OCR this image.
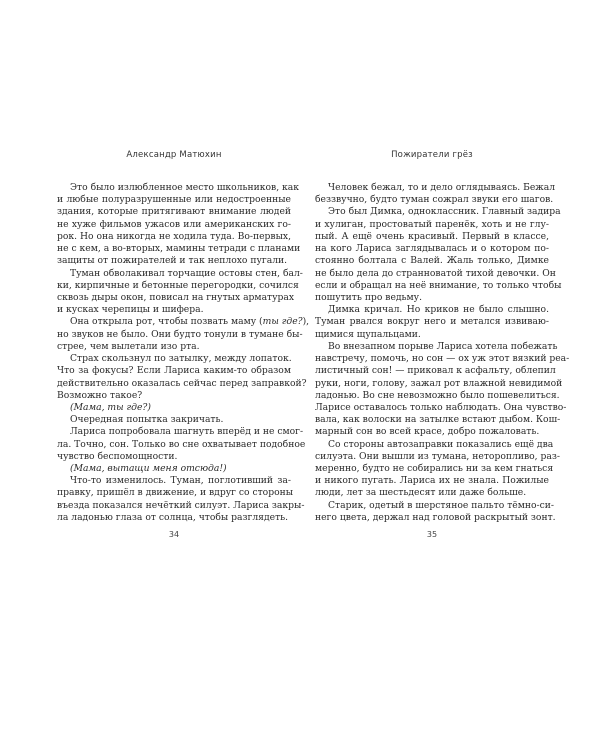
Александр Матюхин
Это было излюбленное место школьников, как
и любые полуразрушенные или недостроенные
здания, которые притягивают внимание людей
не хуже фильмов ужасов или американских го-
рок. Но она никогда не ходила туда. Во-первых,
не с кем, а во-вторых, мамины тетради с планами
защиты от пожирателей и так неплохо пугали.
Туман обволакивал торчащие остовы стен, бал-
ки, кирпичные и бетонные перегородки, сочился
сквозь дыры окон, повисал на гнутых арматурах
и кусках черепицы и шифера.
Она открыла рот, чтобы позвать маму (ты где?),
но звуков не было. Они будто тонули в тумане бы-
стрее, чем вылетали изо рта.
Страх скользнул по затылку, между лопаток.
Что за фокусы? Если Лариса каким-то образом
действительно оказалась сейчас перед заправкой?
Возможно такое?
(Мама, ты где?)
Очередная попытка закричать.
Лариса попробовала шагнуть вперёд и не смог-
ла. Точно, сон. Только во сне охватывает подобное
чувство беспомощности.
(Мама, вытащи меня отсюда!)
Что-то изменилось. Туман, поглотивший за-
правку, пришёл в движение, и вдруг со стороны
въезда показался нечёткий силуэт. Лариса закры-
ла ладонью глаза от солнца, чтобы разглядеть.
34
Пожиратели грёз
Человек бежал, то и дело оглядываясь. Бежал
беззвучно, будто туман сожрал звуки его шагов.
Это был Димка, одноклассник. Главный задира
и хулиган, простоватый паренёк, хоть и не глу-
пый. А ещё очень красивый. Первый в классе,
на кого Лариса заглядывалась и о котором по-
стоянно болтала с Валей. Жаль только, Димке
не было дела до странноватой тихой девочки. Он
если и обращал на неё внимание, то только чтобы
пошутить про ведьму.
Димка кричал. Но криков не было слышно.
Туман рвался вокруг него и метался извиваю-
щимися щупальцами.
Во внезапном порыве Лариса хотела побежать
навстречу, помочь, но сон — ох уж этот вязкий реа-
листичный сон! — приковал к асфальту, облепил
руки, ноги, голову, зажал рот влажной невидимой
ладонью. Во сне невозможно было пошевелиться.
Ларисе оставалось только наблюдать. Она чувство-
вала, как волоски на затылке встают дыбом. Кош-
марный сон во всей красе, добро пожаловать.
Со стороны автозаправки показались ещё два
силуэта. Они вышли из тумана, неторопливо, раз-
меренно, будто не собирались ни за кем гнаться
и никого пугать. Лариса их не знала. Пожилые
люди, лет за шестьдесят или даже больше.
Старик, одетый в шерстяное пальто тёмно-си-
него цвета, держал над головой раскрытый зонт.
35
